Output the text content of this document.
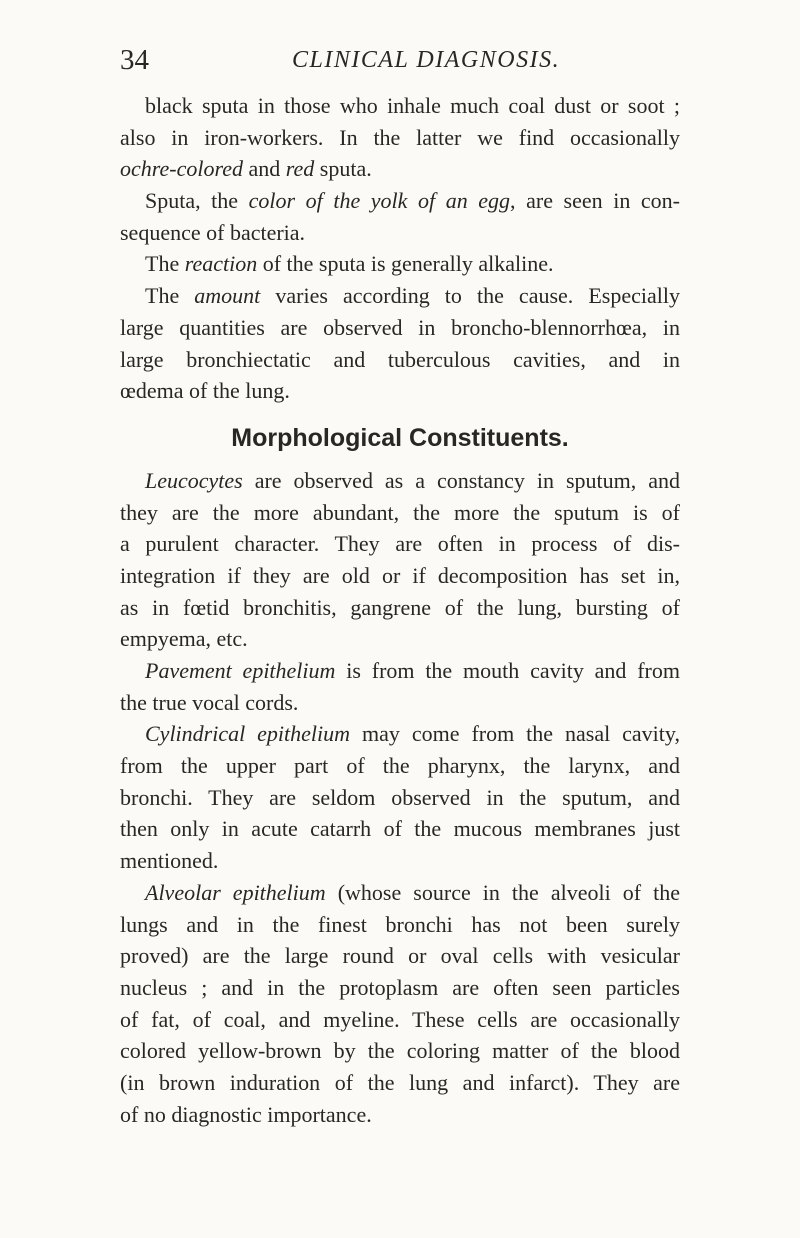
34	CLINICAL DIAGNOSIS.
black sputa in those who inhale much coal dust or soot ;
also in iron-workers. In the latter we find occasionally
ochre-colored and red sputa.
Sputa, the color of the yolk of an egg, are seen in con-
sequence of bacteria.
The reaction of the sputa is generally alkaline.
The amount varies according to the cause. Especially
large quantities are observed in broncho-blennorrhœa, in
large bronchiectatic and tuberculous cavities, and in
œdema of the lung.
Morphological Constituents.
Leucocytes are observed as a constancy in sputum, and
they are the more abundant, the more the sputum is of
a purulent character. They are often in process of dis-
integration if they are old or if decomposition has set in,
as in fœtid bronchitis, gangrene of the lung, bursting of
empyema, etc.
Pavement epithelium is from the mouth cavity and from
the true vocal cords.
Cylindrical epithelium may come from the nasal cavity,
from the upper part of the pharynx, the larynx, and
bronchi. They are seldom observed in the sputum, and
then only in acute catarrh of the mucous membranes just
mentioned.
Alveolar epithelium (whose source in the alveoli of the
lungs and in the finest bronchi has not been surely
proved) are the large round or oval cells with vesicular
nucleus ; and in the protoplasm are often seen particles
of fat, of coal, and myeline. These cells are occasionally
colored yellow-brown by the coloring matter of the blood
(in brown induration of the lung and infarct). They are
of no diagnostic importance.
